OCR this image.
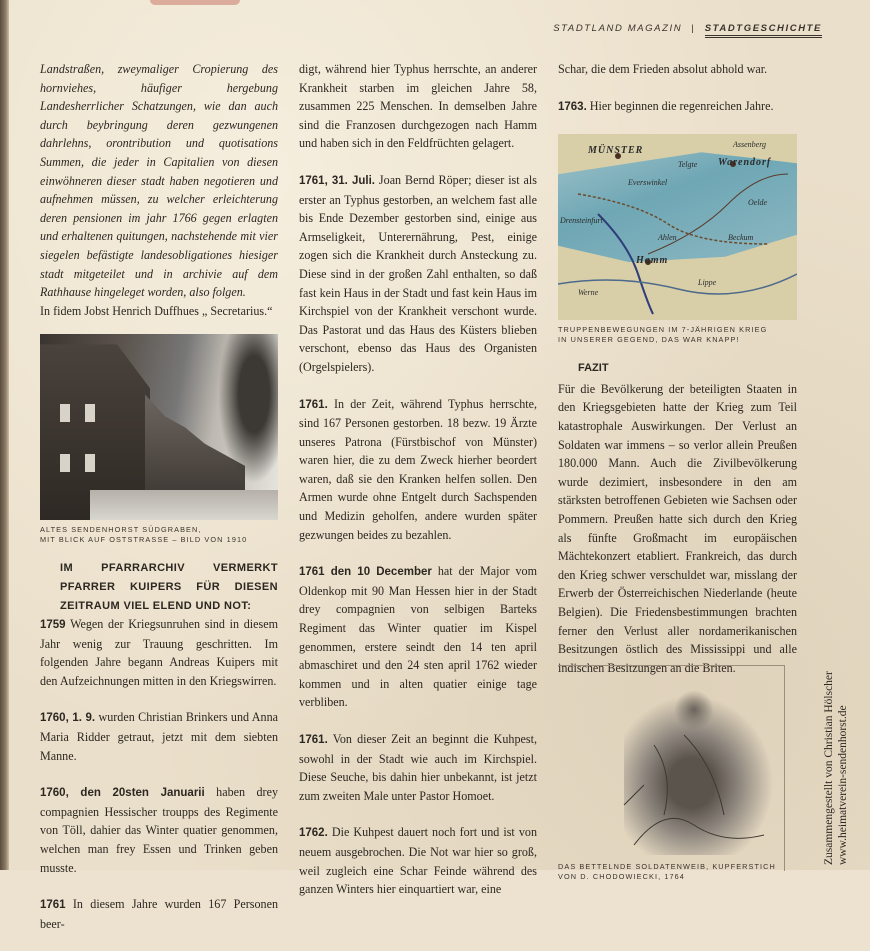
STADTLAND MAGAZIN | STADTGESCHICHTE

Landstraßen, zweymaliger Cropierung des hornviehes, häufiger hergebung Landesherrlicher Schatzungen, wie dan auch durch beybringung deren gezwungenen dahrlehns, orontribution und quotisations Summen, die jeder in Capitalien von diesen einwöhneren dieser stadt haben negotieren und aufnehmen müssen, zu welcher erleichterung deren pensionen im jahr 1766 gegen erlagten und erhaltenen quitungen, nachstehende mit vier siegelen befästigte landesobligationes hiesiger stadt mitgeteilet und in archivie auf dem Rathhause hingeleget worden, also folgen.

In fidem Jobst Henrich Duffhues „ Secretarius.“

ALTES SENDENHORST SÜDGRABEN,
MIT BLICK AUF OSTSTRASSE – BILD VON 1910

IM PFARRARCHIV VERMERKT PFARRER KUIPERS FÜR DIESEN ZEITRAUM VIEL ELEND UND NOT:

1759 Wegen der Kriegsunruhen sind in diesem Jahr wenig zur Trauung geschritten. Im folgenden Jahre begann Andreas Kuipers mit den Aufzeichnungen mitten in den Kriegswirren.

1760, 1. 9. wurden Christian Brinkers und Anna Maria Ridder getraut, jetzt mit dem siebten Manne.

1760, den 20sten Januarii haben drey compagnien Hessischer troupps des Regimente von Töll, dahier das Winter quatier genommen, welchen man frey Essen und Trinken geben musste.

1761 In diesem Jahre wurden 167 Personen beer-

digt, während hier Typhus herrschte, an anderer Krankheit starben im gleichen Jahre 58, zusammen 225 Menschen. In demselben Jahre sind die Franzosen durchgezogen nach Hamm und haben sich in den Feldfrüchten gelagert.

1761, 31. Juli. Joan Bernd Röper; dieser ist als erster an Typhus gestorben, an welchem fast alle bis Ende Dezember gestorben sind, einige aus Armseligkeit, Unterernährung, Pest, einige zogen sich die Krankheit durch Ansteckung zu. Diese sind in der großen Zahl enthalten, so daß fast kein Haus in der Stadt und fast kein Haus im Kirchspiel von der Krankheit verschont wurde. Das Pastorat und das Haus des Küsters blieben verschont, ebenso das Haus des Organisten (Orgelspielers).

1761. In der Zeit, während Typhus herrschte, sind 167 Personen gestorben. 18 bezw. 19 Ärzte unseres Patrona (Fürstbischof von Münster) waren hier, die zu dem Zweck hierher beordert waren, daß sie den Kranken helfen sollen. Den Armen wurde ohne Entgelt durch Sachspenden und Medizin geholfen, andere wurden später gezwungen beides zu bezahlen.

1761 den 10 December hat der Major vom Oldenkop mit 90 Man Hessen hier in der Stadt drey compagnien von selbigen Barteks Regiment das Winter quatier im Kispel genommen, erstere seindt den 14 ten april abmaschiret und den 24 sten april 1762 wieder kommen und in alten quatier einige tage verbliben.

1761. Von dieser Zeit an beginnt die Kuhpest, sowohl in der Stadt wie auch im Kirchspiel. Diese Seuche, bis dahin hier unbekannt, ist jetzt zum zweiten Male unter Pastor Homoet.

1762. Die Kuhpest dauert noch fort und ist von neuem ausgebrochen. Die Not war hier so groß, weil zugleich eine Schar Feinde während des ganzen Winters hier einquartiert war, eine

Schar, die dem Frieden absolut abhold war.

1763. Hier beginnen die regenreichen Jahre.

MÜNSTER
Warendorf
Hamm
Ahlen	Beckum
Drensteinfurt
Telgte
Assenberg
Everswinkel
Oelde
Lippe
Werne
TRUPPENBEWEGUNGEN IM 7-JÄHRIGEN KRIEG
IN UNSERER GEGEND, DAS WAR KNAPP!

FAZIT

Für die Bevölkerung der beteiligten Staaten in den Kriegsgebieten hatte der Krieg zum Teil katastrophale Auswirkungen. Der Verlust an Soldaten war immens – so verlor allein Preußen 180.000 Mann. Auch die Zivilbevölkerung wurde dezimiert, insbesondere in den am stärksten betroffenen Gebieten wie Sachsen oder Pommern. Preußen hatte sich durch den Krieg als fünfte Großmacht im europäischen Mächtekonzert etabliert. Frankreich, das durch den Krieg schwer verschuldet war, misslang der Erwerb der Österreichischen Niederlande (heute Belgien). Die Friedensbestimmungen brachten ferner den Verlust aller nordamerikanischen Besitzungen östlich des Mississippi und alle indischen Besitzungen an die Briten.

DAS BETTELNDE SOLDATENWEIB, KUPFERSTICH
VON D. CHODOWIECKI, 1764
Zusammengestellt von Christian Hölscher www.heimatverein-sendenhorst.de
